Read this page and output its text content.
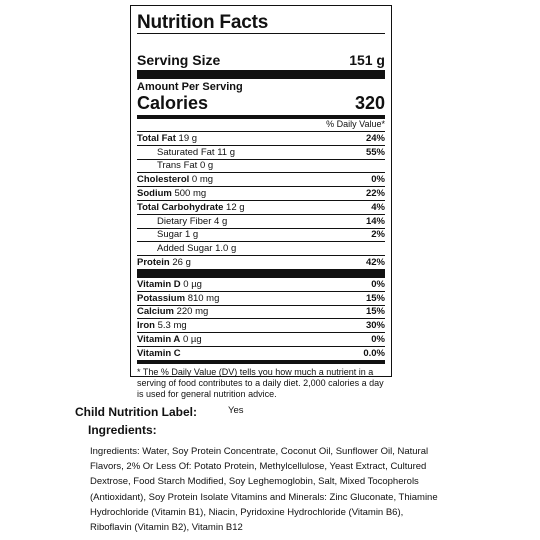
Nutrition Facts
Serving Size	151 g
Amount Per Serving
Calories	320
% Daily Value*
Total Fat 19 g	24%
Saturated Fat 11 g	55%
Trans Fat 0 g
Cholesterol 0 mg	0%
Sodium 500 mg	22%
Total Carbohydrate 12 g	4%
Dietary Fiber 4 g	14%
Sugar 1 g	2%
Added Sugar 1.0 g
Protein 26 g	42%
Vitamin D 0 µg	0%
Potassium 810 mg	15%
Calcium 220 mg	15%
Iron 5.3 mg	30%
Vitamin A 0 µg	0%
Vitamin C	0.0%
* The % Daily Value (DV) tells you how much a nutrient in a serving of food contributes to a daily diet. 2,000 calories a day is used for general nutrition advice.
Child Nutrition Label:	Yes
Ingredients:
Ingredients: Water, Soy Protein Concentrate, Coconut Oil, Sunflower Oil, Natural Flavors, 2% Or Less Of: Potato Protein, Methylcellulose, Yeast Extract, Cultured Dextrose, Food Starch Modified, Soy Leghemoglobin, Salt, Mixed Tocopherols (Antioxidant), Soy Protein Isolate Vitamins and Minerals: Zinc Gluconate, Thiamine Hydrochloride (Vitamin B1), Niacin, Pyridoxine Hydrochloride (Vitamin B6), Riboflavin (Vitamin B2), Vitamin B12
